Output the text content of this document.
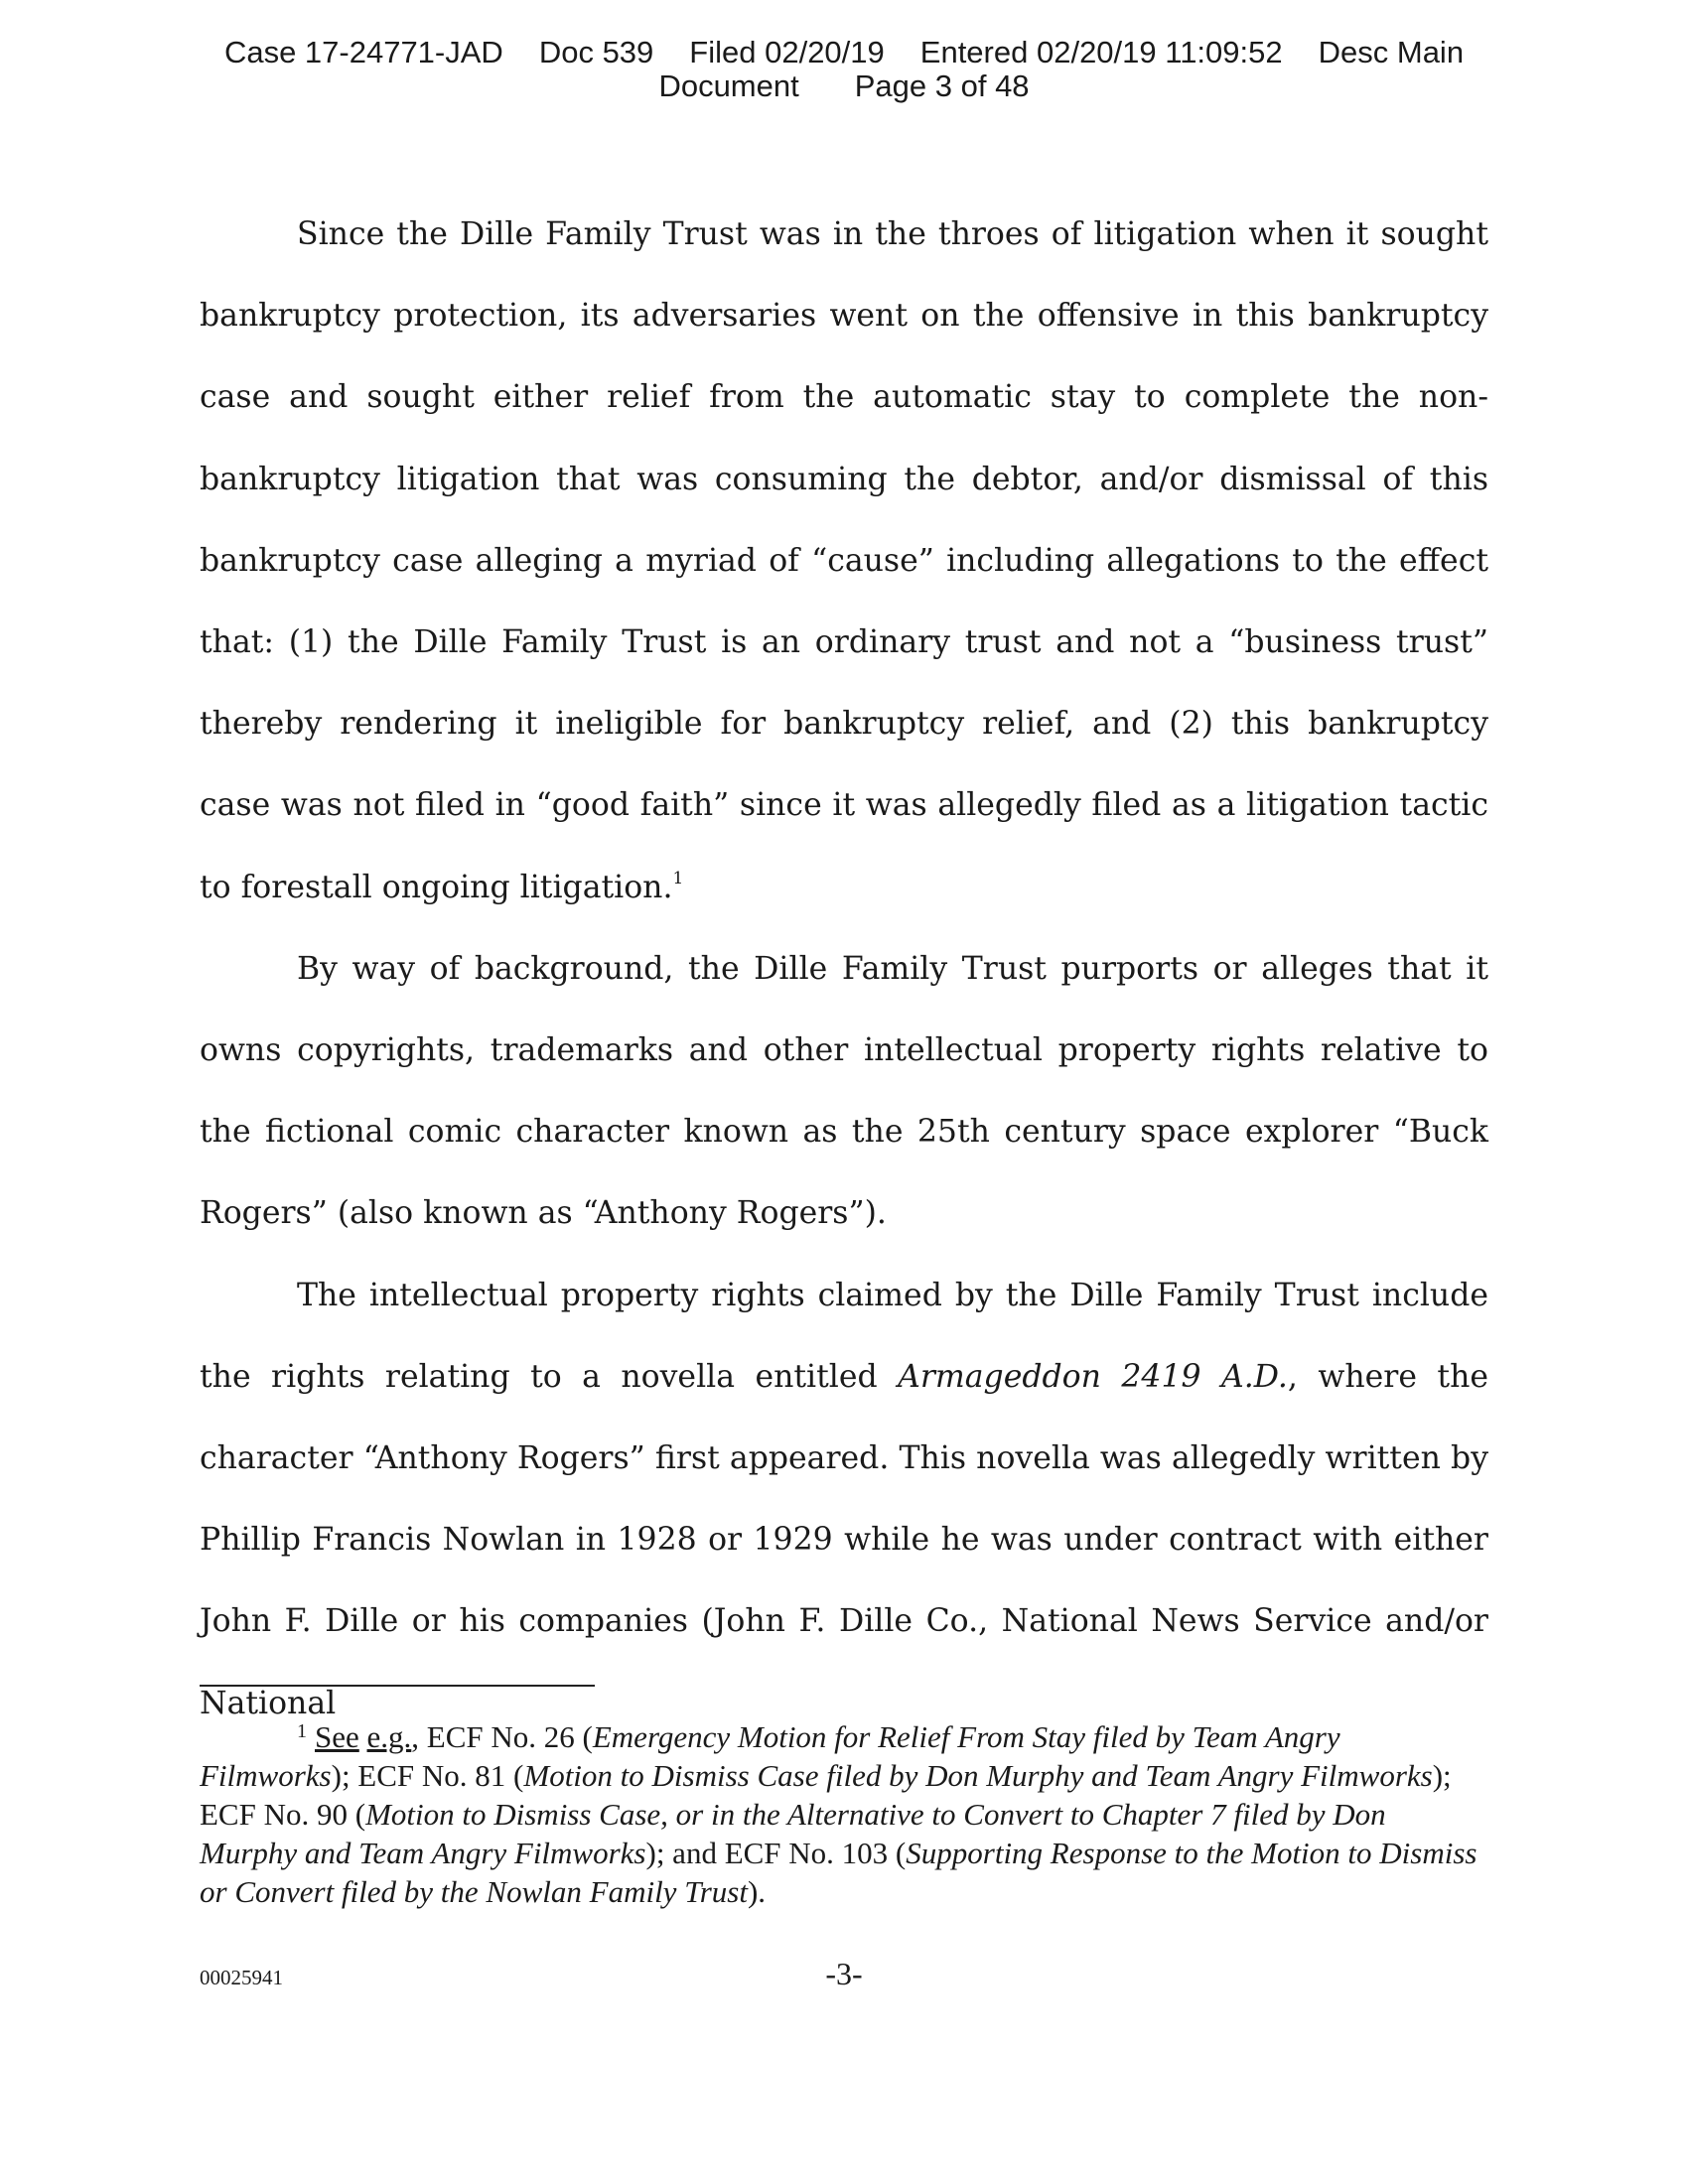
Case 17-24771-JAD Doc 539 Filed 02/20/19 Entered 02/20/19 11:09:52 Desc Main
Document Page 3 of 48

Since the Dille Family Trust was in the throes of litigation when it sought bankruptcy protection, its adversaries went on the offensive in this bankruptcy case and sought either relief from the automatic stay to complete the non-bankruptcy litigation that was consuming the debtor, and/or dismissal of this bankruptcy case alleging a myriad of “cause” including allegations to the effect that: (1) the Dille Family Trust is an ordinary trust and not a “business trust” thereby rendering it ineligible for bankruptcy relief, and (2) this bankruptcy case was not filed in “good faith” since it was allegedly filed as a litigation tactic to forestall ongoing litigation.$^1$

By way of background, the Dille Family Trust purports or alleges that it owns copyrights, trademarks and other intellectual property rights relative to the fictional comic character known as the 25th century space explorer “Buck Rogers” (also known as “Anthony Rogers”).

The intellectual property rights claimed by the Dille Family Trust include the rights relating to a novella entitled Armageddon 2419 A.D., where the character “Anthony Rogers” first appeared. This novella was allegedly written by Phillip Francis Nowlan in 1928 or 1929 while he was under contract with either John F. Dille or his companies (John F. Dille Co., National News Service and/or National

$^1$ See e.g., ECF No. 26 (Emergency Motion for Relief From Stay filed by Team Angry Filmworks); ECF No. 81 (Motion to Dismiss Case filed by Don Murphy and Team Angry Filmworks); ECF No. 90 (Motion to Dismiss Case, or in the Alternative to Convert to Chapter 7 filed by Don Murphy and Team Angry Filmworks); and ECF No. 103 (Supporting Response to the Motion to Dismiss or Convert filed by the Nowlan Family Trust).

00025941	-3-
